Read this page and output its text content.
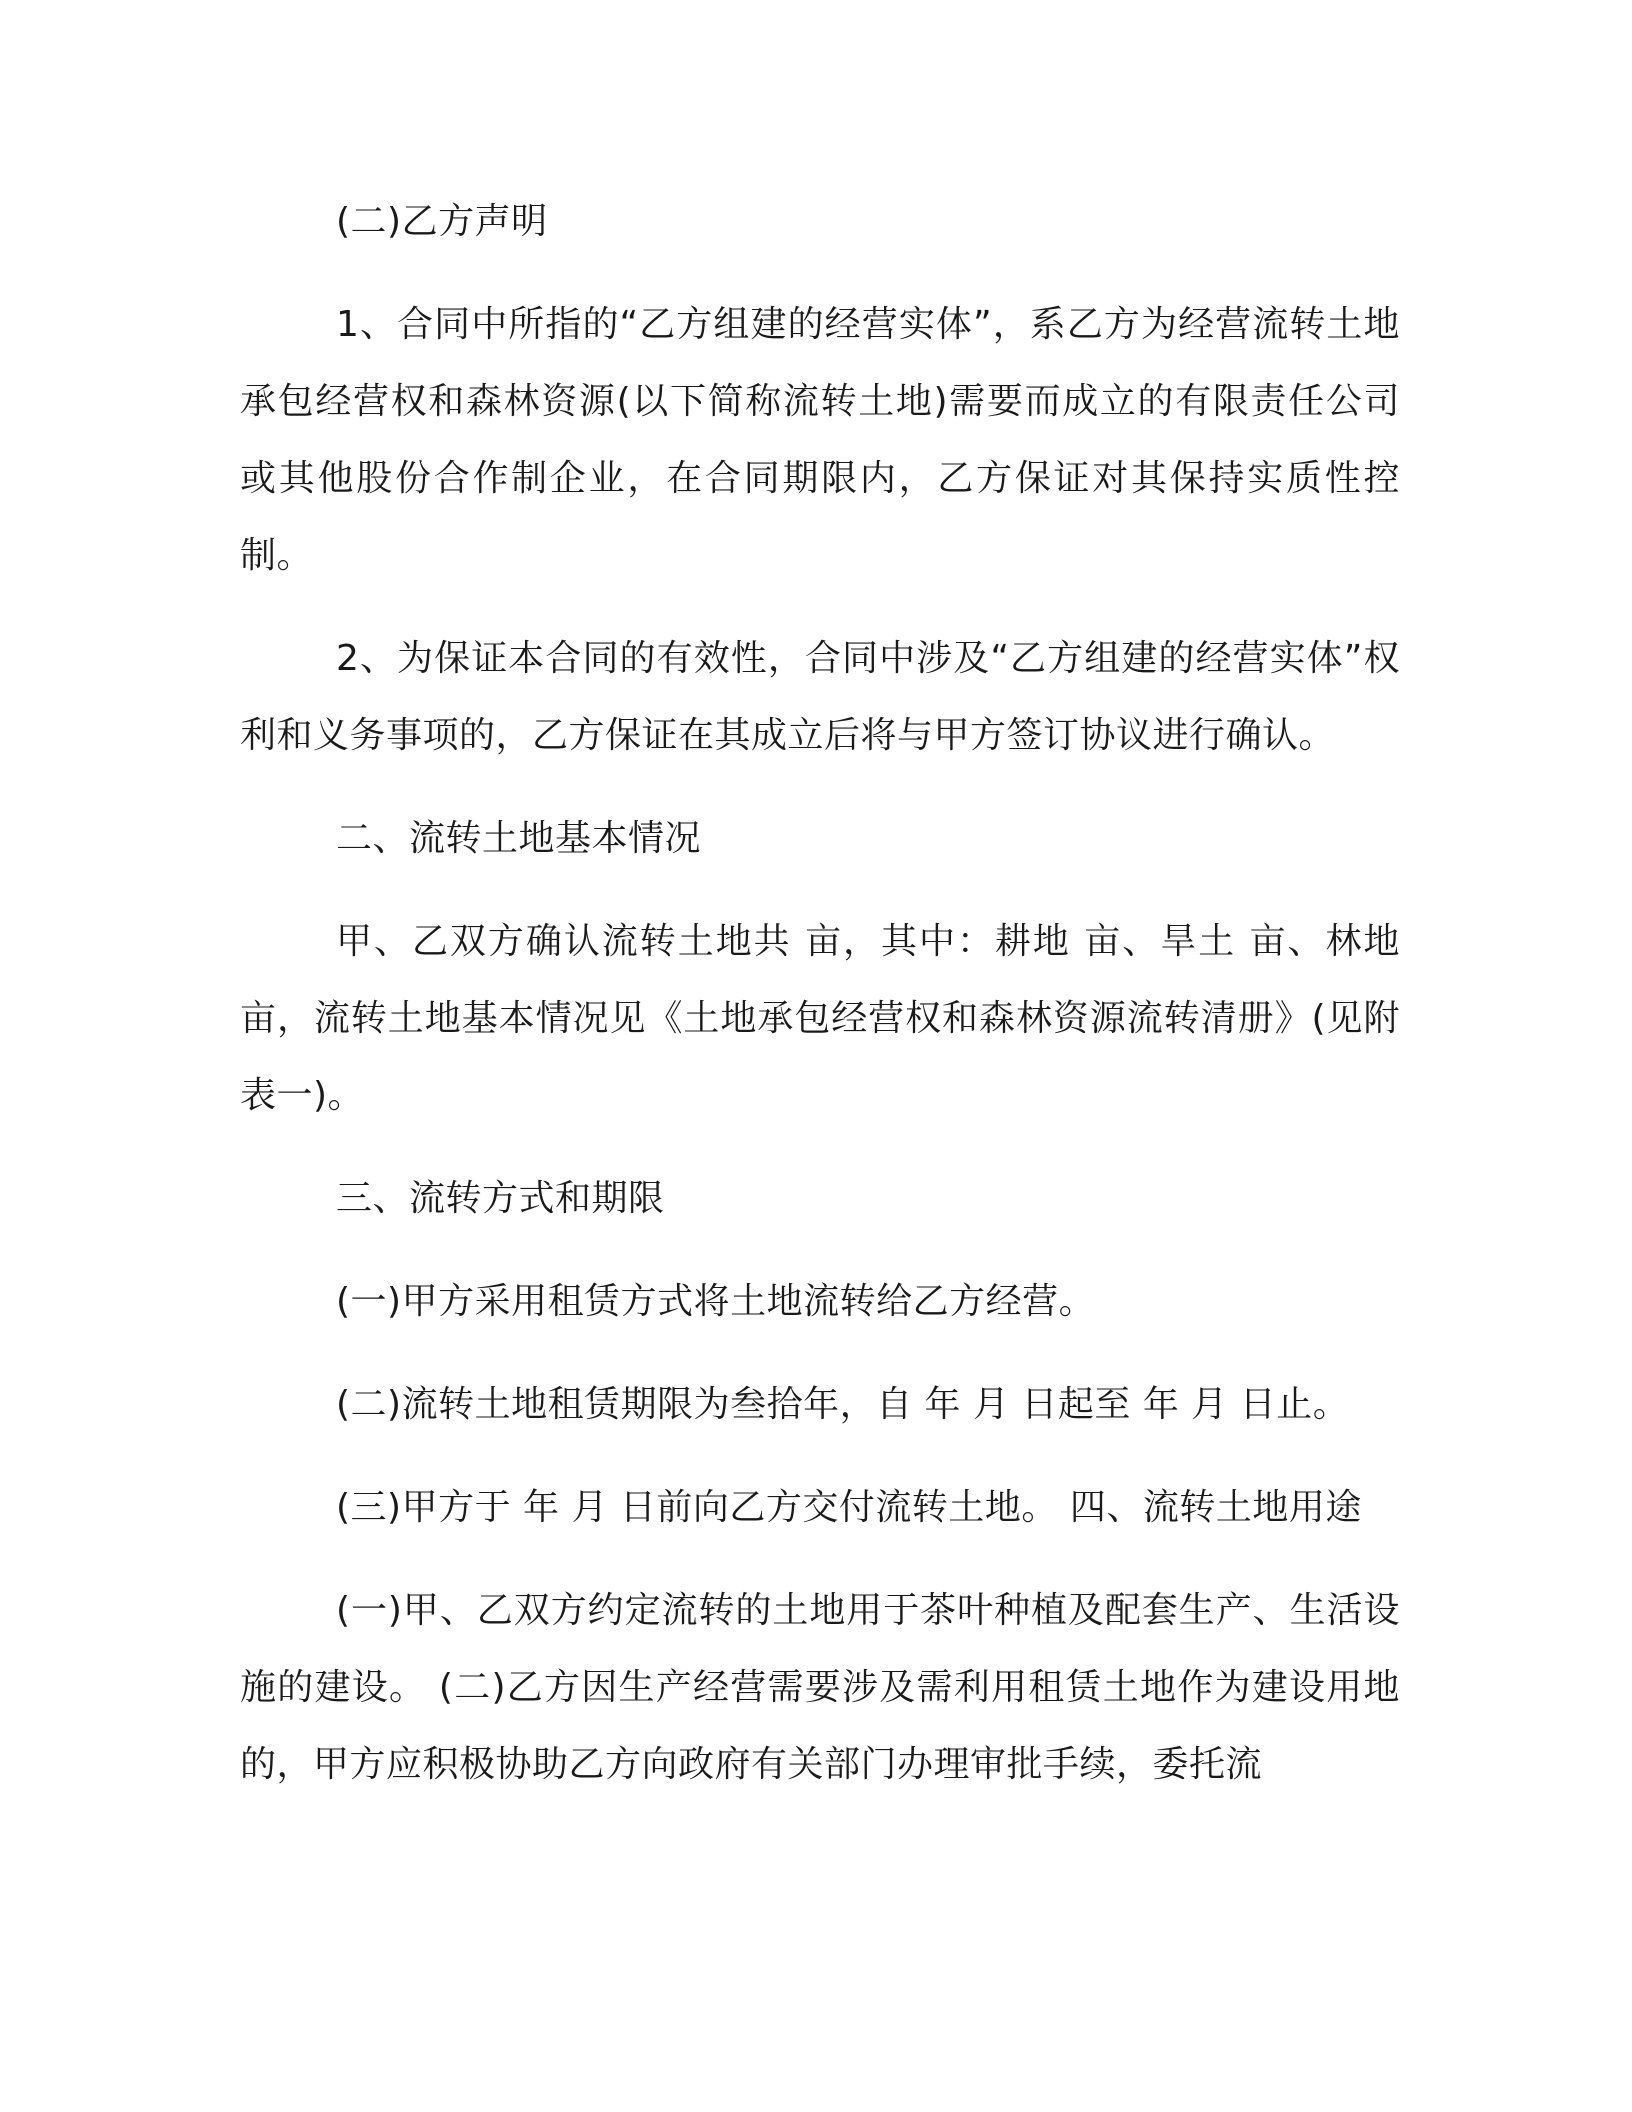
(二)乙方声明

1、合同中所指的“乙方组建的经营实体”，系乙方为经营流转土地承包经营权和森林资源(以下简称流转土地)需要而成立的有限责任公司或其他股份合作制企业，在合同期限内，乙方保证对其保持实质性控制。

2、为保证本合同的有效性，合同中涉及“乙方组建的经营实体”权利和义务事项的，乙方保证在其成立后将与甲方签订协议进行确认。

二、流转土地基本情况

甲、乙双方确认流转土地共 亩，其中：耕地 亩、旱土 亩、林地 亩，流转土地基本情况见《土地承包经营权和森林资源流转清册》(见附表一)。

三、流转方式和期限

(一)甲方采用租赁方式将土地流转给乙方经营。

(二)流转土地租赁期限为叁拾年，自 年 月 日起至 年 月 日止。

(三)甲方于 年 月 日前向乙方交付流转土地。 四、流转土地用途

(一)甲、乙双方约定流转的土地用于茶叶种植及配套生产、生活设施的建设。 (二)乙方因生产经营需要涉及需利用租赁土地作为建设用地的，甲方应积极协助乙方向政府有关部门办理审批手续，委托流
